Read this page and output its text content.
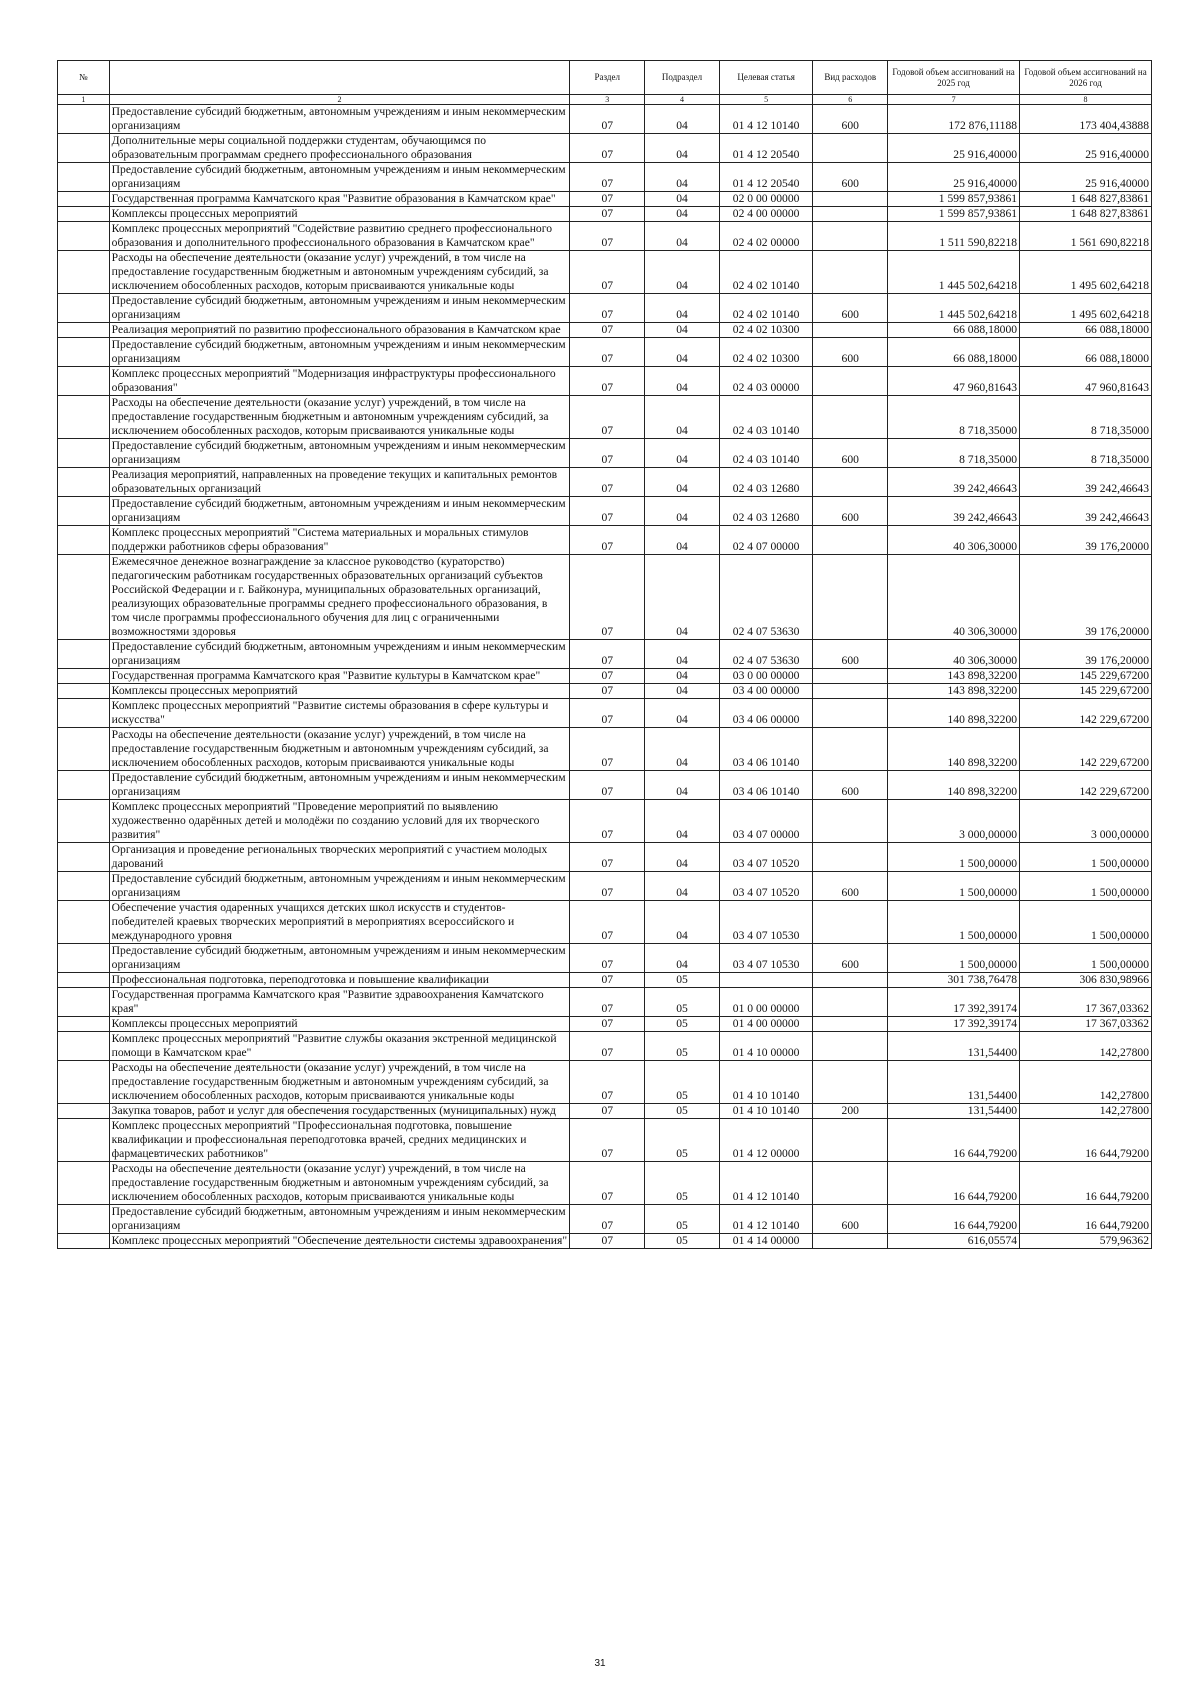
№		Раздел	Подраздел	Целевая статья	Вид расходов	Годовой объем ассигнований на 2025 год	Годовой объем ассигнований на 2026 год
1	2	3	4	5	6	7	8
	Предоставление субсидий бюджетным, автономным учреждениям и иным некоммерческим организациям	07	04	01 4 12 10140	600	172 876,11188	173 404,43888
	Дополнительные меры социальной поддержки студентам, обучающимся по образовательным программам среднего профессионального образования	07	04	01 4 12 20540		25 916,40000	25 916,40000
	Предоставление субсидий бюджетным, автономным учреждениям и иным некоммерческим организациям	07	04	01 4 12 20540	600	25 916,40000	25 916,40000
	Государственная программа Камчатского края "Развитие образования в Камчатском крае"	07	04	02 0 00 00000		1 599 857,93861	1 648 827,83861
	Комплексы процессных мероприятий	07	04	02 4 00 00000		1 599 857,93861	1 648 827,83861
	Комплекс процессных мероприятий "Содействие развитию среднего профессионального образования и дополнительного профессионального образования в Камчатском крае"	07	04	02 4 02 00000		1 511 590,82218	1 561 690,82218
	Расходы на обеспечение деятельности (оказание услуг) учреждений, в том числе на предоставление государственным бюджетным и автономным учреждениям субсидий, за исключением обособленных расходов, которым присваиваются уникальные коды	07	04	02 4 02 10140		1 445 502,64218	1 495 602,64218
	Предоставление субсидий бюджетным, автономным учреждениям и иным некоммерческим организациям	07	04	02 4 02 10140	600	1 445 502,64218	1 495 602,64218
	Реализация мероприятий по развитию профессионального образования в Камчатском крае	07	04	02 4 02 10300		66 088,18000	66 088,18000
	Предоставление субсидий бюджетным, автономным учреждениям и иным некоммерческим организациям	07	04	02 4 02 10300	600	66 088,18000	66 088,18000
	Комплекс процессных мероприятий "Модернизация инфраструктуры профессионального образования"	07	04	02 4 03 00000		47 960,81643	47 960,81643
	Расходы на обеспечение деятельности (оказание услуг) учреждений, в том числе на предоставление государственным бюджетным и автономным учреждениям субсидий, за исключением обособленных расходов, которым присваиваются уникальные коды	07	04	02 4 03 10140		8 718,35000	8 718,35000
	Предоставление субсидий бюджетным, автономным учреждениям и иным некоммерческим организациям	07	04	02 4 03 10140	600	8 718,35000	8 718,35000
	Реализация мероприятий, направленных на проведение текущих и капитальных ремонтов образовательных организаций	07	04	02 4 03 12680		39 242,46643	39 242,46643
	Предоставление субсидий бюджетным, автономным учреждениям и иным некоммерческим организациям	07	04	02 4 03 12680	600	39 242,46643	39 242,46643
	Комплекс процессных мероприятий "Система материальных и моральных стимулов поддержки работников сферы образования"	07	04	02 4 07 00000		40 306,30000	39 176,20000
	Ежемесячное денежное вознаграждение за классное руководство (кураторство) педагогическим работникам государственных образовательных организаций субъектов Российской Федерации и г. Байконура, муниципальных образовательных организаций, реализующих образовательные программы среднего профессионального образования, в том числе программы профессионального обучения для лиц с ограниченными возможностями здоровья	07	04	02 4 07 53630		40 306,30000	39 176,20000
	Предоставление субсидий бюджетным, автономным учреждениям и иным некоммерческим организациям	07	04	02 4 07 53630	600	40 306,30000	39 176,20000
	Государственная программа Камчатского края "Развитие культуры в Камчатском крае"	07	04	03 0 00 00000		143 898,32200	145 229,67200
	Комплексы процессных мероприятий	07	04	03 4 00 00000		143 898,32200	145 229,67200
	Комплекс процессных мероприятий "Развитие системы образования в сфере культуры и искусства"	07	04	03 4 06 00000		140 898,32200	142 229,67200
	Расходы на обеспечение деятельности (оказание услуг) учреждений, в том числе на предоставление государственным бюджетным и автономным учреждениям субсидий, за исключением обособленных расходов, которым присваиваются уникальные коды	07	04	03 4 06 10140		140 898,32200	142 229,67200
	Предоставление субсидий бюджетным, автономным учреждениям и иным некоммерческим организациям	07	04	03 4 06 10140	600	140 898,32200	142 229,67200
	Комплекс процессных мероприятий "Проведение мероприятий по выявлению художественно одарённых детей и молодёжи по созданию условий для их творческого развития"	07	04	03 4 07 00000		3 000,00000	3 000,00000
	Организация и проведение региональных творческих мероприятий с участием молодых дарований	07	04	03 4 07 10520		1 500,00000	1 500,00000
	Предоставление субсидий бюджетным, автономным учреждениям и иным некоммерческим организациям	07	04	03 4 07 10520	600	1 500,00000	1 500,00000
	Обеспечение участия одаренных учащихся детских школ искусств и студентов-победителей краевых творческих мероприятий в мероприятиях всероссийского и международного уровня	07	04	03 4 07 10530		1 500,00000	1 500,00000
	Предоставление субсидий бюджетным, автономным учреждениям и иным некоммерческим организациям	07	04	03 4 07 10530	600	1 500,00000	1 500,00000
	Профессиональная подготовка, переподготовка и повышение квалификации	07	05			301 738,76478	306 830,98966
	Государственная программа Камчатского края "Развитие здравоохранения Камчатского края"	07	05	01 0 00 00000		17 392,39174	17 367,03362
	Комплексы процессных мероприятий	07	05	01 4 00 00000		17 392,39174	17 367,03362
	Комплекс процессных мероприятий "Развитие службы оказания экстренной медицинской помощи в Камчатском крае"	07	05	01 4 10 00000		131,54400	142,27800
	Расходы на обеспечение деятельности (оказание услуг) учреждений, в том числе на предоставление государственным бюджетным и автономным учреждениям субсидий, за исключением обособленных расходов, которым присваиваются уникальные коды	07	05	01 4 10 10140		131,54400	142,27800
	Закупка товаров, работ и услуг для обеспечения государственных (муниципальных) нужд	07	05	01 4 10 10140	200	131,54400	142,27800
	Комплекс процессных мероприятий "Профессиональная подготовка, повышение квалификации и профессиональная переподготовка врачей, средних медицинских и фармацевтических работников"	07	05	01 4 12 00000		16 644,79200	16 644,79200
	Расходы на обеспечение деятельности (оказание услуг) учреждений, в том числе на предоставление государственным бюджетным и автономным учреждениям субсидий, за исключением обособленных расходов, которым присваиваются уникальные коды	07	05	01 4 12 10140		16 644,79200	16 644,79200
	Предоставление субсидий бюджетным, автономным учреждениям и иным некоммерческим организациям	07	05	01 4 12 10140	600	16 644,79200	16 644,79200
	Комплекс процессных мероприятий "Обеспечение деятельности системы здравоохранения"	07	05	01 4 14 00000		616,05574	579,96362
31
